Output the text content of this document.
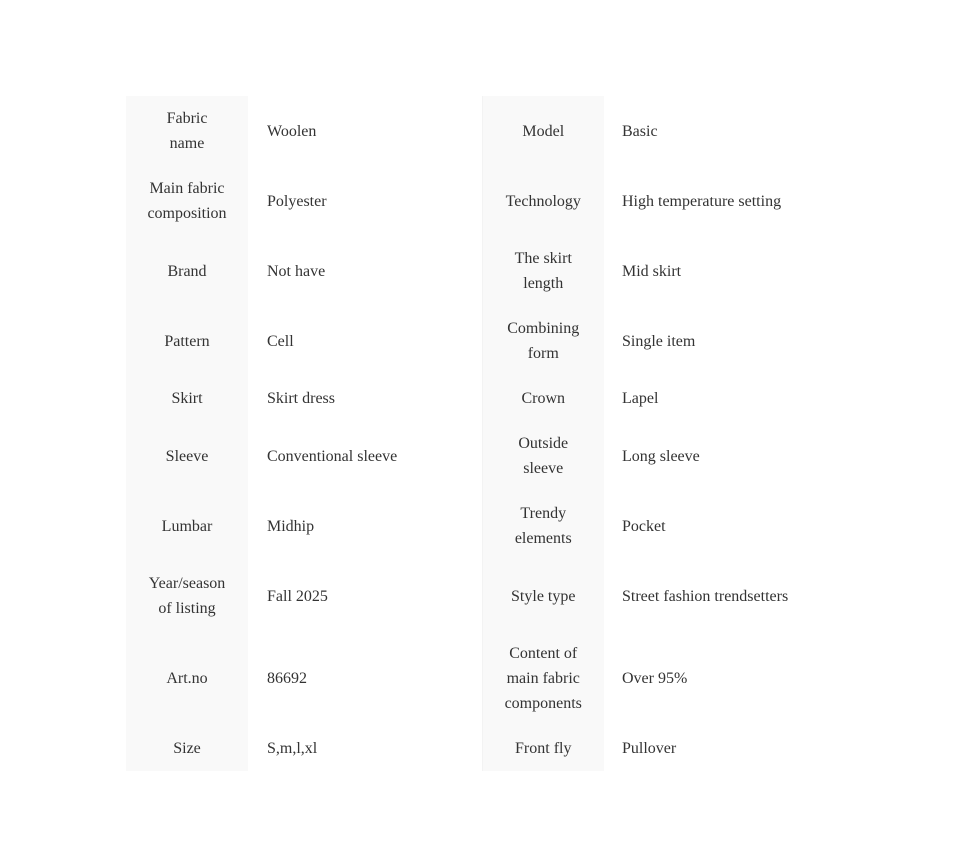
Fabric name	Woolen	Model	Basic
Main fabric composition	Polyester	Technology	High temperature setting
Brand	Not have	The skirt length	Mid skirt
Pattern	Cell	Combining form	Single item
Skirt	Skirt dress	Crown	Lapel
Sleeve	Conventional sleeve	Outside sleeve	Long sleeve
Lumbar	Midhip	Trendy elements	Pocket
Year/season of listing	Fall 2025	Style type	Street fashion trendsetters
Art.no	86692	Content of main fabric components	Over 95%
Size	S,m,l,xl	Front fly	Pullover
